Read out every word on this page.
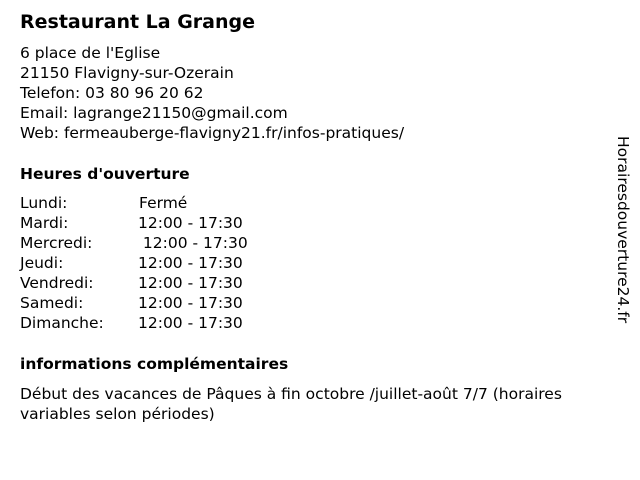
Restaurant La Grange
6 place de l'Eglise
21150 Flavigny-sur-Ozerain
Telefon: 03 80 96 20 62
Email: lagrange21150@gmail.com
Web: fermeauberge-flavigny21.fr/infos-pratiques/
Heures d'ouverture
Lundi:	Fermé
Mardi:	12:00 - 17:30
Mercredi:	12:00 - 17:30
Jeudi:	12:00 - 17:30
Vendredi:	12:00 - 17:30
Samedi:	12:00 - 17:30
Dimanche: 12:00 - 17:30
informations complémentaires
Début des vacances de Pâques à fin octobre /juillet-août 7/7 (horaires
variables selon périodes)
Horairesdouverture24.fr
